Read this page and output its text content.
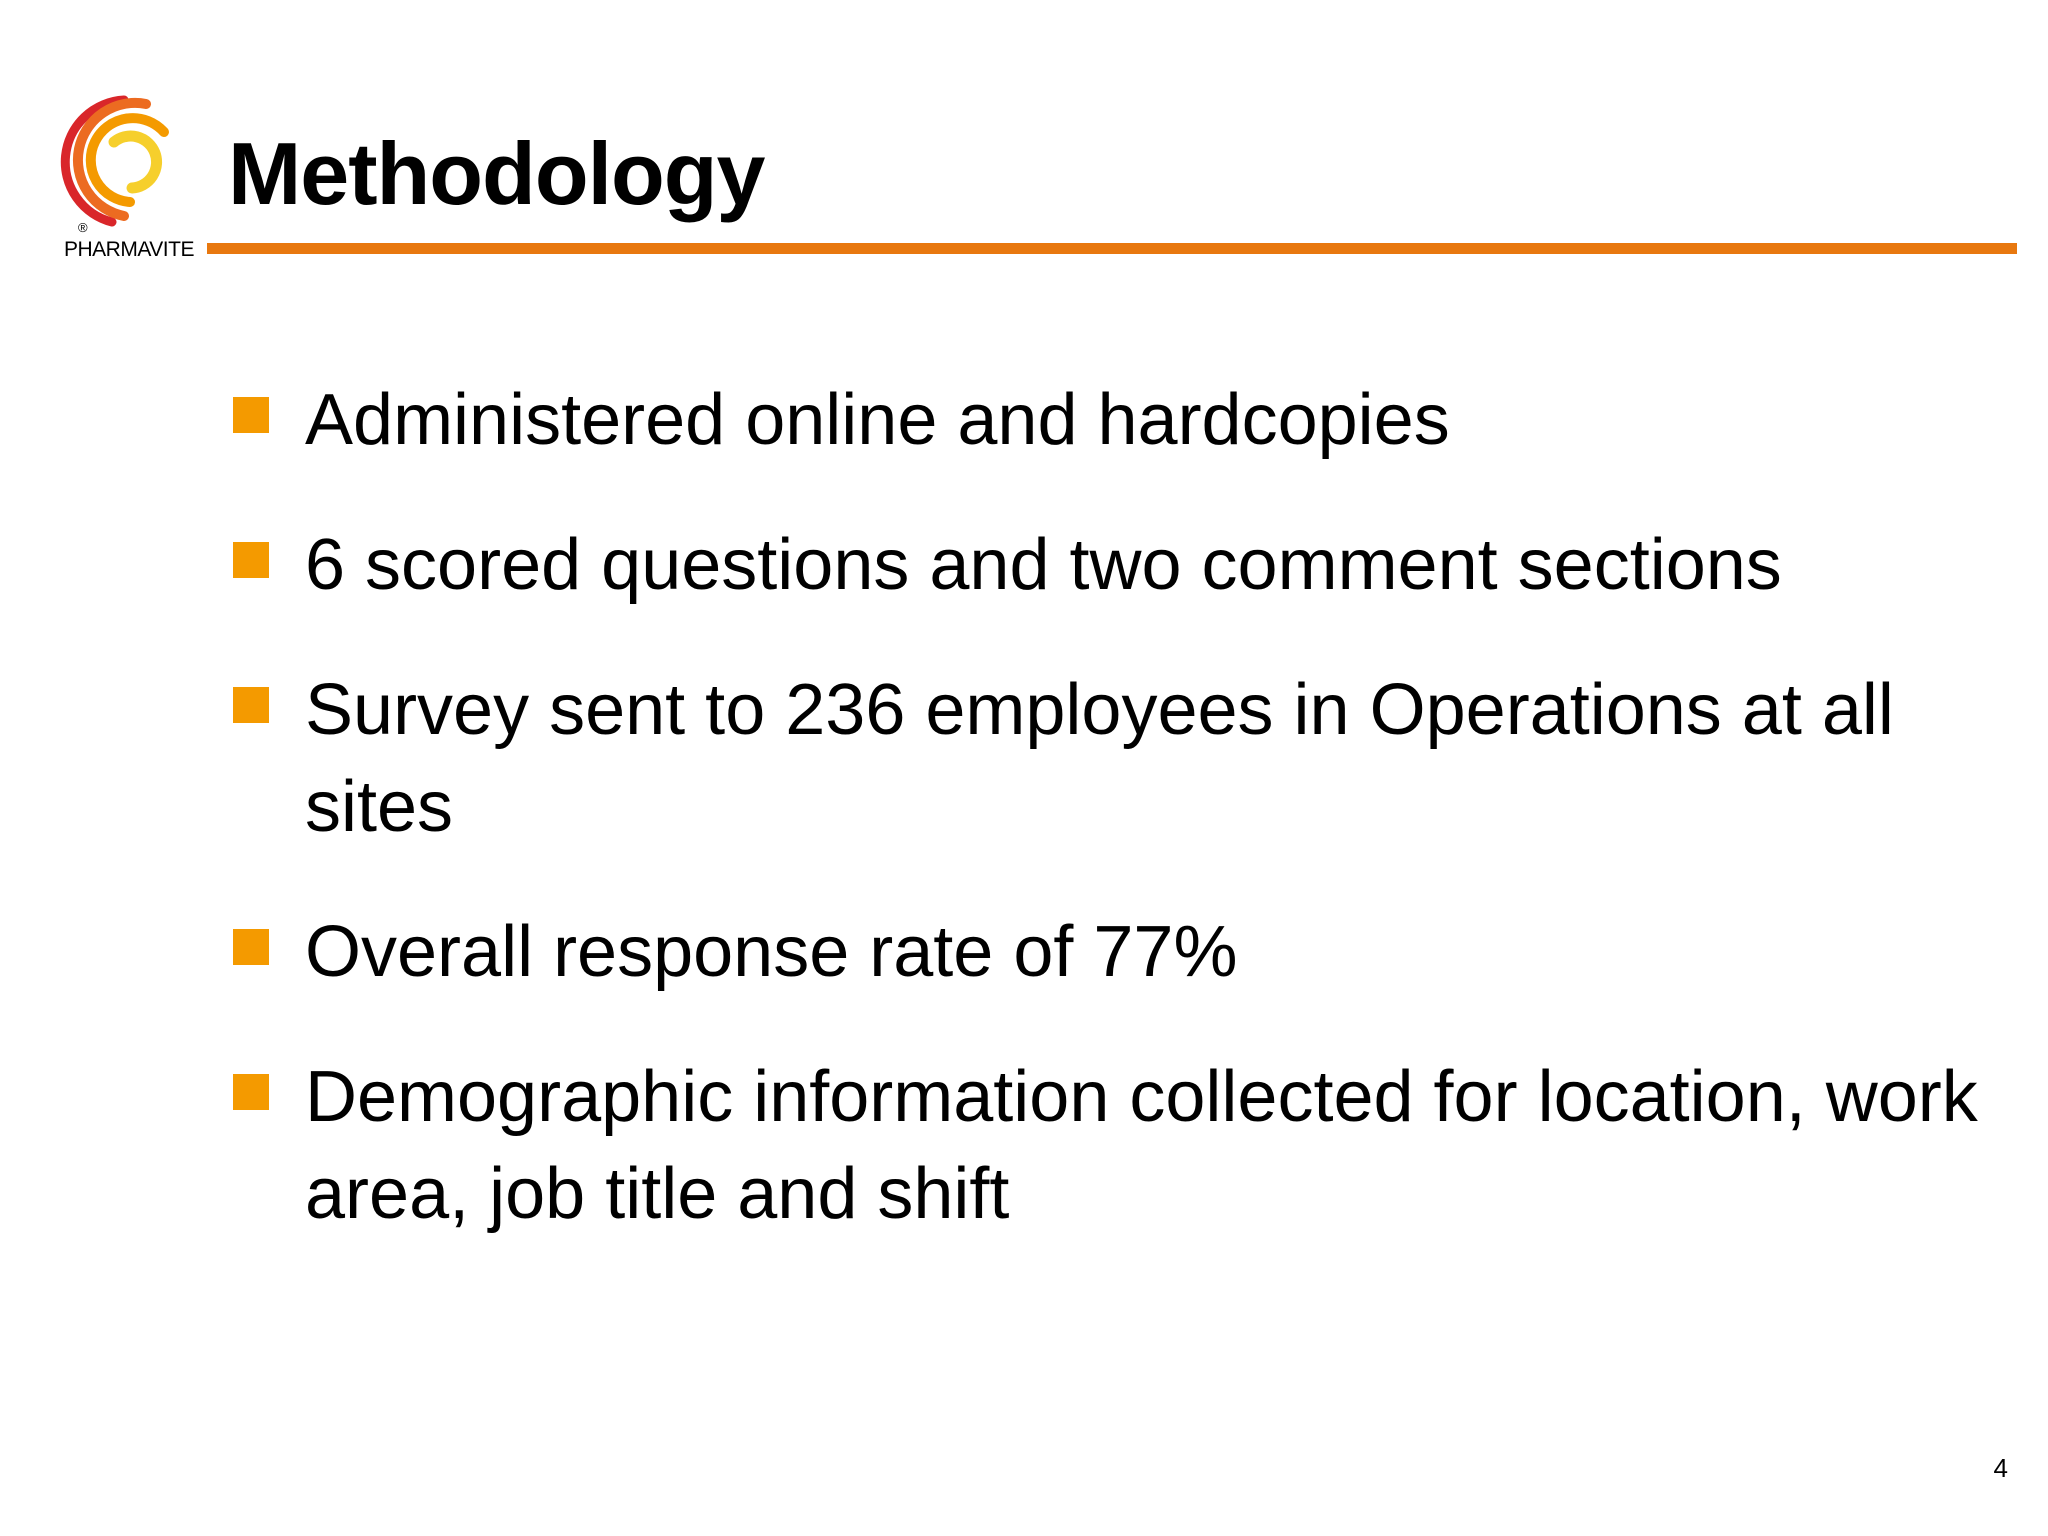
®
PHARMAVITE
Methodology
Administered online and hardcopies
6 scored questions and two comment sections
Survey sent to 236 employees in Operations at all sites
Overall response rate of 77%
Demographic information collected for location, work area, job title and shift
4
